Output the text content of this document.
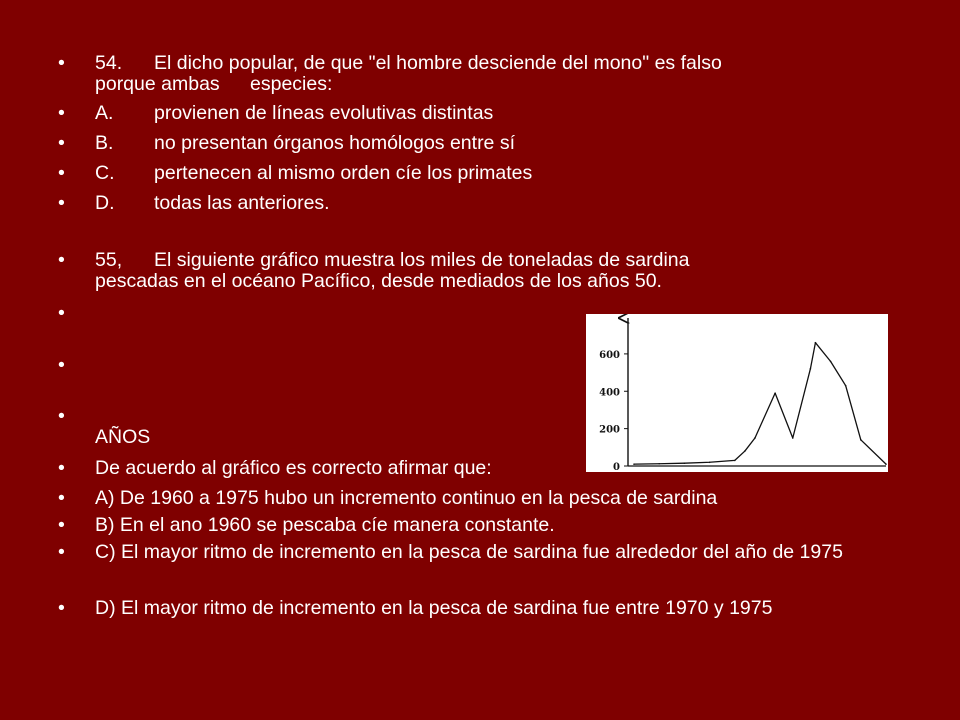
• 54. El dicho popular, de que "el hombre desciende del mono" es falso
porque ambas especies:
• A. provienen de líneas evolutivas distintas
• B. no presentan órganos homólogos entre sí
• C. pertenecen al mismo orden cíe los primates
• D. todas las anteriores.
• 55, El siguiente gráfico muestra los miles de toneladas de sardina
pescadas en el océano Pacífico, desde mediados de los años 50.
•
•
•
AÑOS
• De acuerdo al gráfico es correcto afirmar que:
• A) De 1960 a 1975 hubo un incremento continuo en la pesca de sardina
• B) En el ano 1960 se pescaba cíe manera constante.
• C) El mayor ritmo de incremento en la pesca de sardina fue alrededor del año de 1975
• D) El mayor ritmo de incremento en la pesca de sardina fue entre 1970 y 1975
0
200
400
600
